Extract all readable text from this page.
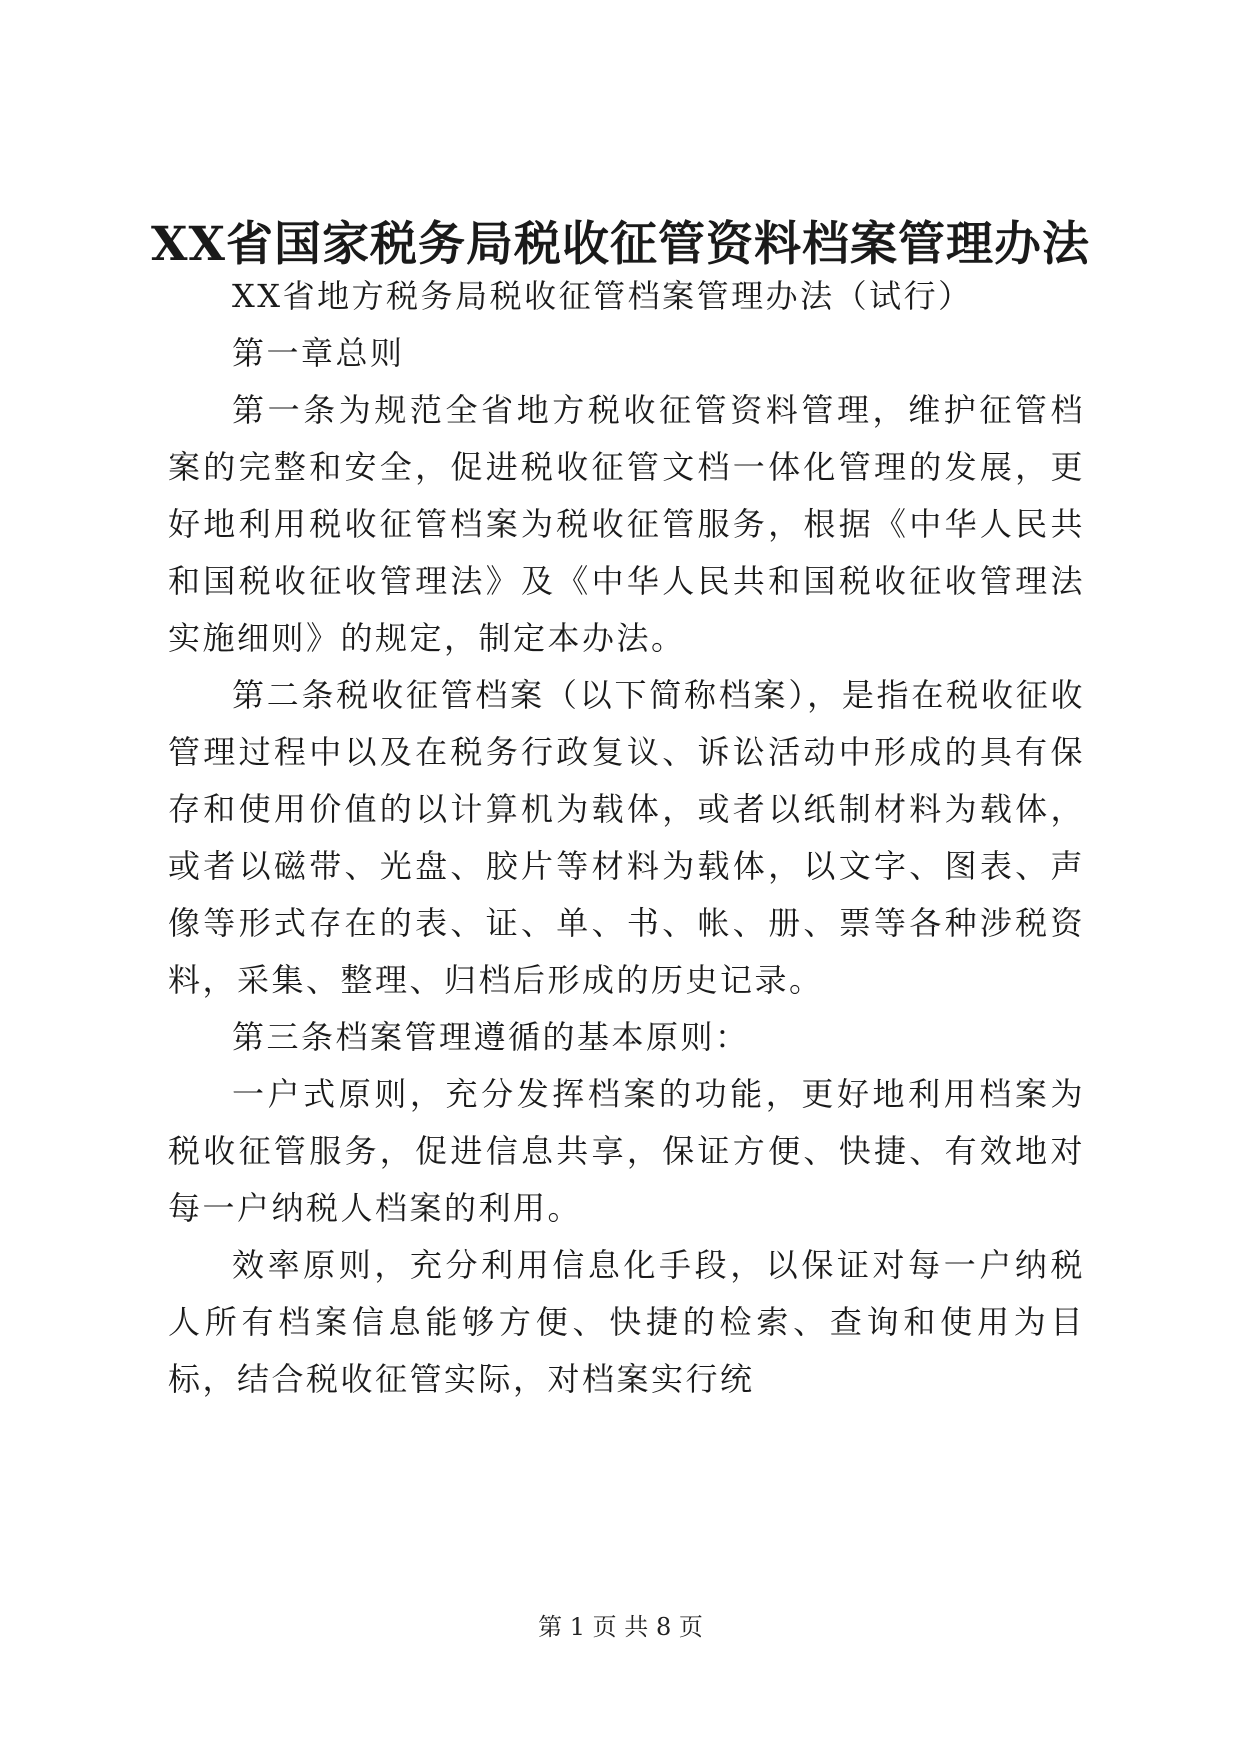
XX省国家税务局税收征管资料档案管理办法

XX省地方税务局税收征管档案管理办法（试行）

第一章总则

第一条为规范全省地方税收征管资料管理，维护征管档案的完整和安全，促进税收征管文档一体化管理的发展，更好地利用税收征管档案为税收征管服务，根据《中华人民共和国税收征收管理法》及《中华人民共和国税收征收管理法实施细则》的规定，制定本办法。

第二条税收征管档案（以下简称档案），是指在税收征收管理过程中以及在税务行政复议、诉讼活动中形成的具有保存和使用价值的以计算机为载体，或者以纸制材料为载体，或者以磁带、光盘、胶片等材料为载体，以文字、图表、声像等形式存在的表、证、单、书、帐、册、票等各种涉税资料，采集、整理、归档后形成的历史记录。

第三条档案管理遵循的基本原则：

一户式原则，充分发挥档案的功能，更好地利用档案为税收征管服务，促进信息共享，保证方便、快捷、有效地对每一户纳税人档案的利用。

效率原则，充分利用信息化手段，以保证对每一户纳税人所有档案信息能够方便、快捷的检索、查询和使用为目标，结合税收征管实际，对档案实行统

第 1 页 共 8 页
